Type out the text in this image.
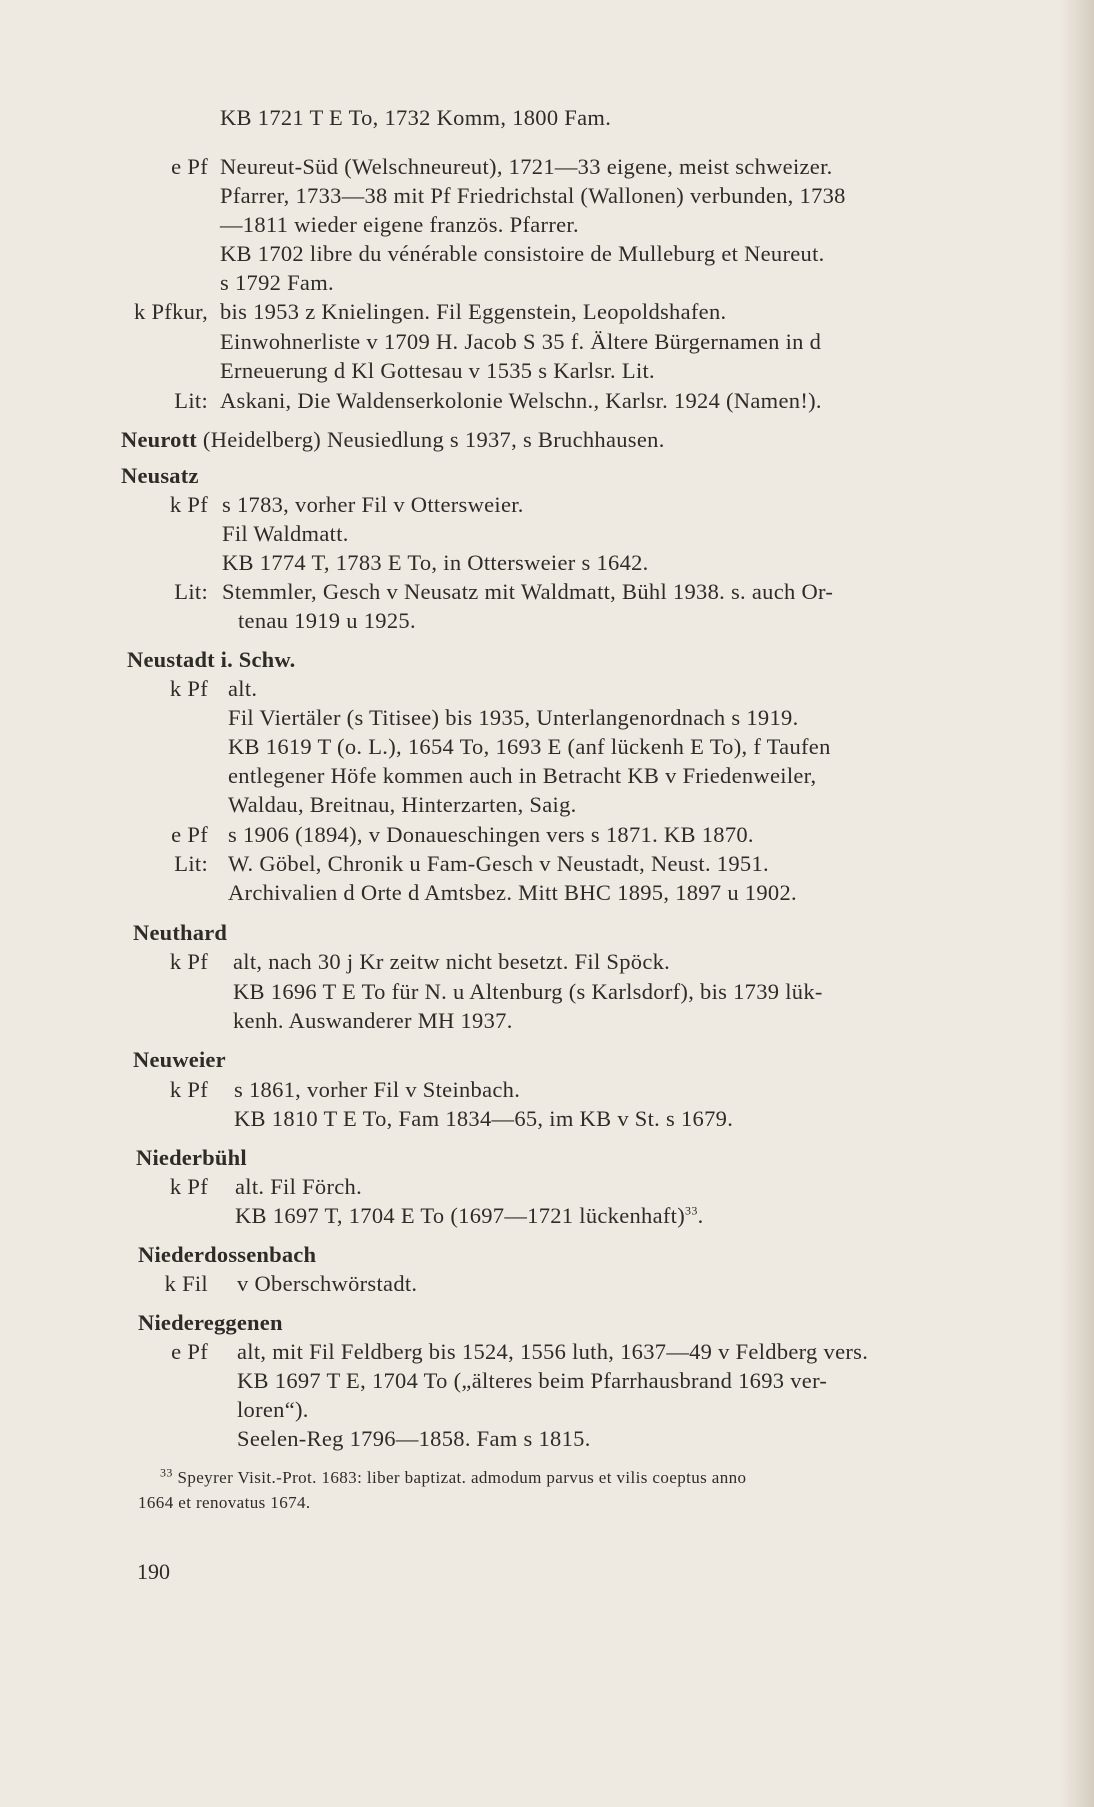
KB 1721 T E To, 1732 Komm, 1800 Fam.
e Pf Neureut-Süd (Welschneureut), 1721—33 eigene, meist schweizer.
Pfarrer, 1733—38 mit Pf Friedrichstal (Wallonen) verbunden, 1738
—1811 wieder eigene französ. Pfarrer.
KB 1702 libre du vénérable consistoire de Mulleburg et Neureut.
s 1792 Fam.
k Pfkur, bis 1953 z Knielingen. Fil Eggenstein, Leopoldshafen.
Einwohnerliste v 1709 H. Jacob S 35 f. Ältere Bürgernamen in d
Erneuerung d Kl Gottesau v 1535 s Karlsr. Lit.
Lit: Askani, Die Waldenserkolonie Welschn., Karlsr. 1924 (Namen!).
Neurott (Heidelberg) Neusiedlung s 1937, s Bruchhausen.
Neusatz
k Pf s 1783, vorher Fil v Ottersweier.
Fil Waldmatt.
KB 1774 T, 1783 E To, in Ottersweier s 1642.
Lit: Stemmler, Gesch v Neusatz mit Waldmatt, Bühl 1938. s. auch Or-
tenau 1919 u 1925.
Neustadt i. Schw.
k Pf alt.
Fil Viertäler (s Titisee) bis 1935, Unterlangenordnach s 1919.
KB 1619 T (o. L.), 1654 To, 1693 E (anf lückenh E To), f Taufen
entlegener Höfe kommen auch in Betracht KB v Friedenweiler,
Waldau, Breitnau, Hinterzarten, Saig.
e Pf s 1906 (1894), v Donaueschingen vers s 1871. KB 1870.
Lit: W. Göbel, Chronik u Fam-Gesch v Neustadt, Neust. 1951.
Archivalien d Orte d Amtsbez. Mitt BHC 1895, 1897 u 1902.
Neuthard
k Pf alt, nach 30 j Kr zeitw nicht besetzt. Fil Spöck.
KB 1696 T E To für N. u Altenburg (s Karlsdorf), bis 1739 lük-
kenh. Auswanderer MH 1937.
Neuweier
k Pf s 1861, vorher Fil v Steinbach.
KB 1810 T E To, Fam 1834—65, im KB v St. s 1679.
Niederbühl
k Pf alt. Fil Förch.
KB 1697 T, 1704 E To (1697—1721 lückenhaft)$^{33}$.
Niederdossenbach
k Fil v Oberschwörstadt.
Niedereggenen
e Pf alt, mit Fil Feldberg bis 1524, 1556 luth, 1637—49 v Feldberg vers.
KB 1697 T E, 1704 To („älteres beim Pfarrhausbrand 1693 ver-
loren“).
Seelen-Reg 1796—1858. Fam s 1815.
$^{33}$ Speyrer Visit.-Prot. 1683: liber baptizat. admodum parvus et vilis coeptus anno
1664 et renovatus 1674.
190
